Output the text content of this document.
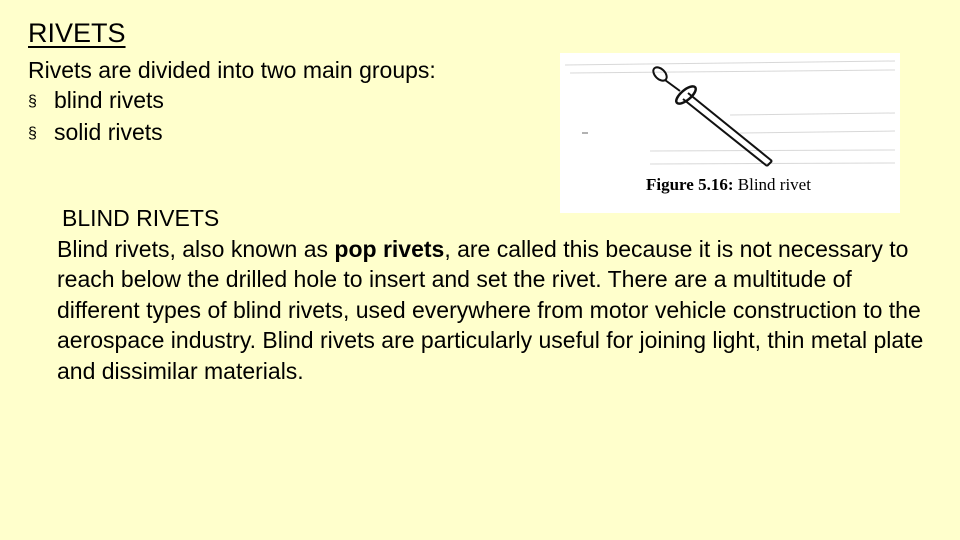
RIVETS
Rivets are divided into two main groups:
§ blind rivets
§ solid rivets
Figure 5.16: Blind rivet
BLIND RIVETS
Blind rivets, also known as pop rivets, are called this because it is not necessary to reach below the drilled hole to insert and set the rivet. There are a multitude of different types of blind rivets, used everywhere from motor vehicle construction to the aerospace industry. Blind rivets are particularly useful for joining light, thin metal plate and dissimilar materials.
